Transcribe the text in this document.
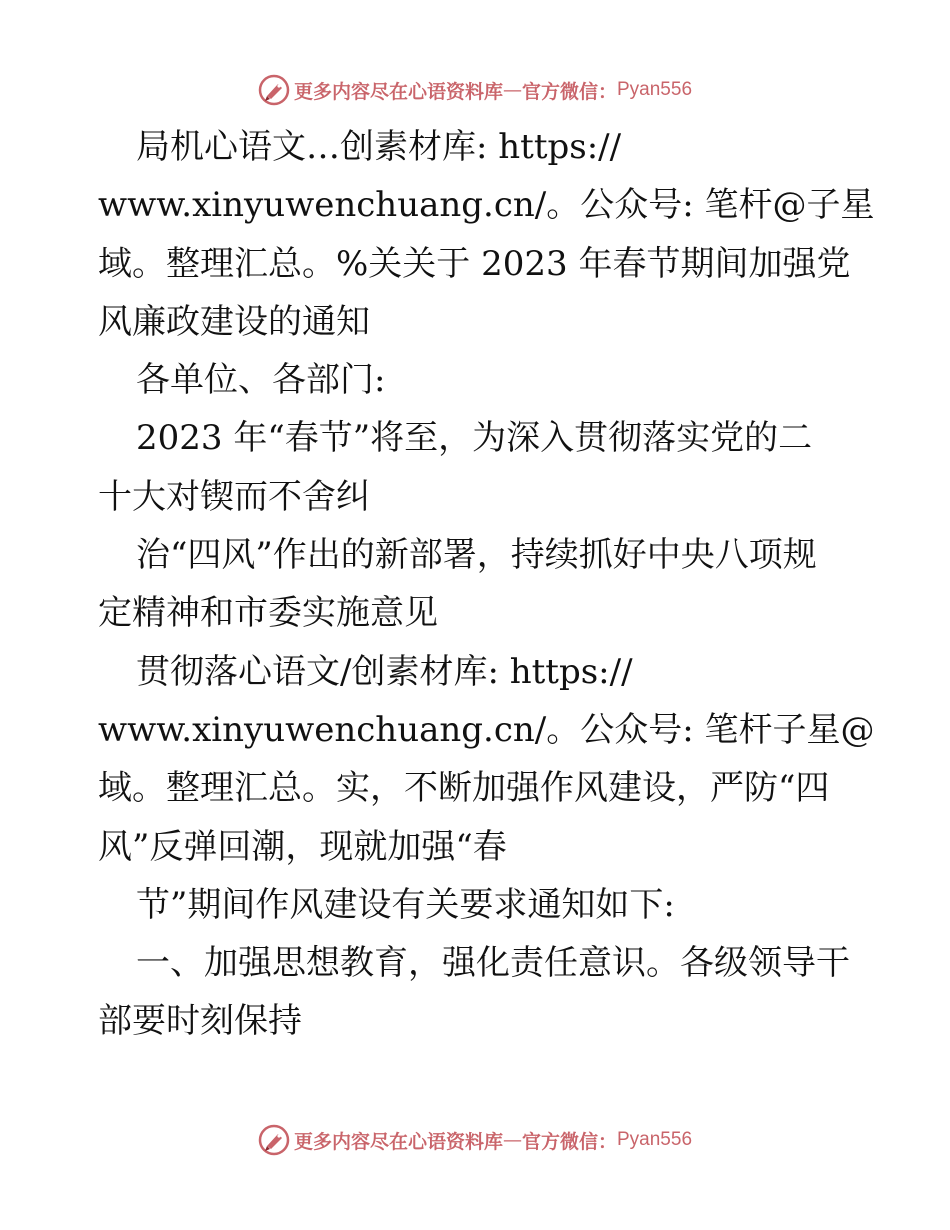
更多内容尽在心语资料库 — 官方微信： Pyan556
局机心语文…创素材库: https://
www.xinyuwenchuang.cn/。公众号: 笔杆@子星
域。整理汇总。%关关于 2023 年春节期间加强党
风廉政建设的通知
各单位、各部门:
2023 年“春节”将至，为深入贯彻落实党的二
十大对锲而不舍纠
治“四风”作出的新部署，持续抓好中央八项规
定精神和市委实施意见
贯彻落心语文/创素材库: https://
www.xinyuwenchuang.cn/。公众号: 笔杆子星@
域。整理汇总。实，不断加强作风建设，严防“四
风”反弹回潮，现就加强“春
节”期间作风建设有关要求通知如下:
一、加强思想教育，强化责任意识。各级领导干
部要时刻保持
更多内容尽在心语资料库 — 官方微信： Pyan556
